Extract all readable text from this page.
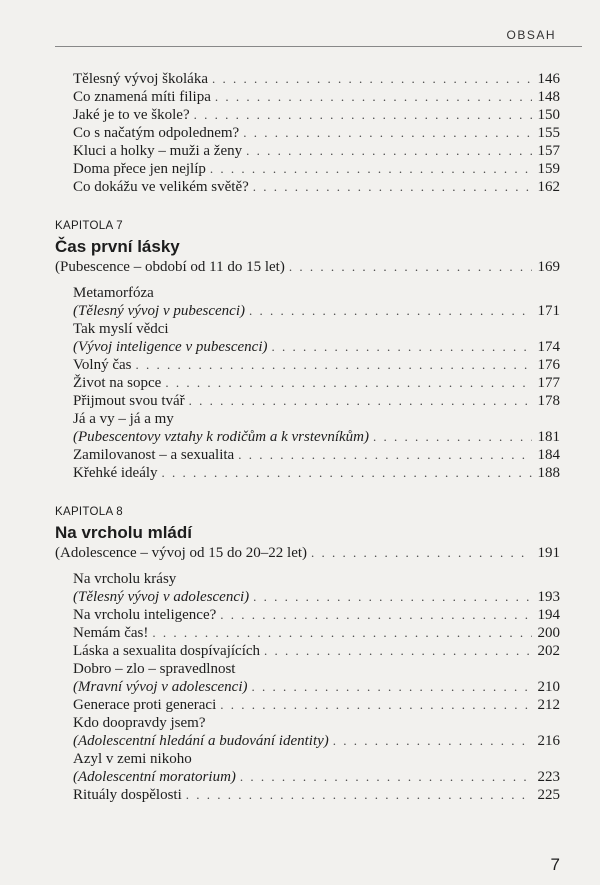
OBSAH
Tělesný vývoj školáka . . .	146
Co znamená míti filipa . . .	148
Jaké je to ve škole? . . .	150
Co s načatým odpolednem? . . .	155
Kluci a holky – muži a ženy . . .	157
Doma přece jen nejlíp . . .	159
Co dokážu ve velikém světě? . . .	162
KAPITOLA 7
Čas první lásky
(Pubescence – období od 11 do 15 let) . . .	169
Metamorfóza
(Tělesný vývoj v pubescenci) . . .	171
Tak myslí vědci
(Vývoj inteligence v pubescenci) . . .	174
Volný čas . . .	176
Život na sopce . . .	177
Přijmout svou tvář . . .	178
Já a vy – já a my
(Pubescentovy vztahy k rodičům a k vrstevníkům) . . .	181
Zamilovanost – a sexualita . . .	184
Křehké ideály . . .	188
KAPITOLA 8
Na vrcholu mládí
(Adolescence – vývoj od 15 do 20–22 let) . . .	191
Na vrcholu krásy
(Tělesný vývoj v adolescenci) . . .	193
Na vrcholu inteligence? . . .	194
Nemám čas! . . .	200
Láska a sexualita dospívajících . . .	202
Dobro – zlo – spravedlnost
(Mravní vývoj v adolescenci) . . .	210
Generace proti generaci . . .	212
Kdo doopravdy jsem?
(Adolescentní hledání a budování identity) . . .	216
Azyl v zemi nikoho
(Adolescentní moratorium) . . .	223
Rituály dospělosti . . .	225
7
